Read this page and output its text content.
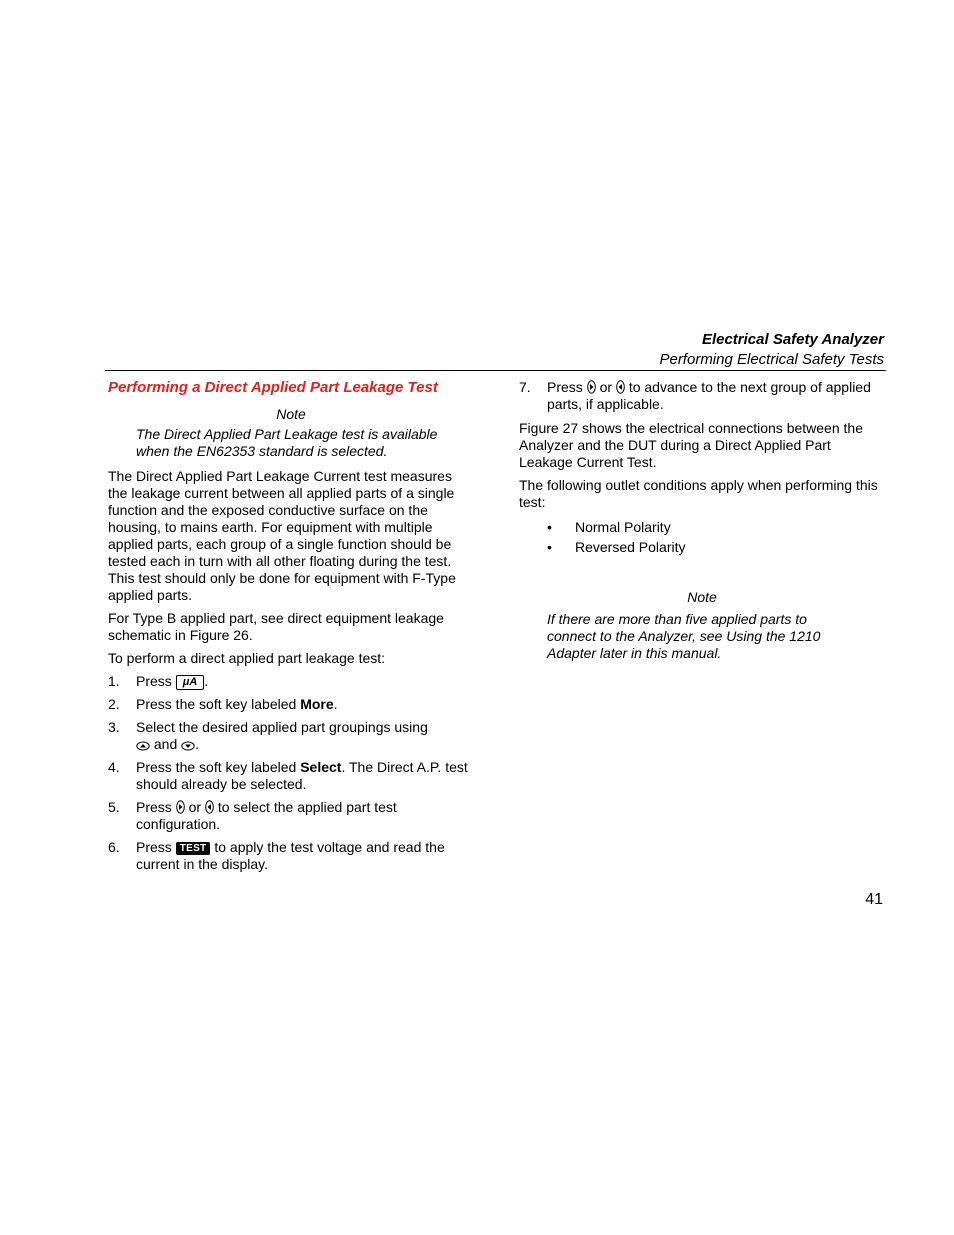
Electrical Safety Analyzer
Performing Electrical Safety Tests
Performing a Direct Applied Part Leakage Test
Note
The Direct Applied Part Leakage test is available when the EN62353 standard is selected.

The Direct Applied Part Leakage Current test measures the leakage current between all applied parts of a single function and the exposed conductive surface on the housing, to mains earth. For equipment with multiple applied parts, each group of a single function should be tested each in turn with all other floating during the test. This test should only be done for equipment with F-Type applied parts.

For Type B applied part, see direct equipment leakage schematic in Figure 26.

To perform a direct applied part leakage test:

1. Press μA .
2. Press the soft key labeled More.
3. Select the desired applied part groupings using
and .
4. Press the soft key labeled Select. The Direct A.P. test should already be selected.
5. Press or to select the applied part test configuration.
6. Press TEST to apply the test voltage and read the current in the display.
7. Press or to advance to the next group of applied parts, if applicable.

Figure 27 shows the electrical connections between the Analyzer and the DUT during a Direct Applied Part Leakage Current Test.

The following outlet conditions apply when performing this test:

• Normal Polarity
• Reversed Polarity
Note
If there are more than five applied parts to connect to the Analyzer, see Using the 1210 Adapter later in this manual.
41
